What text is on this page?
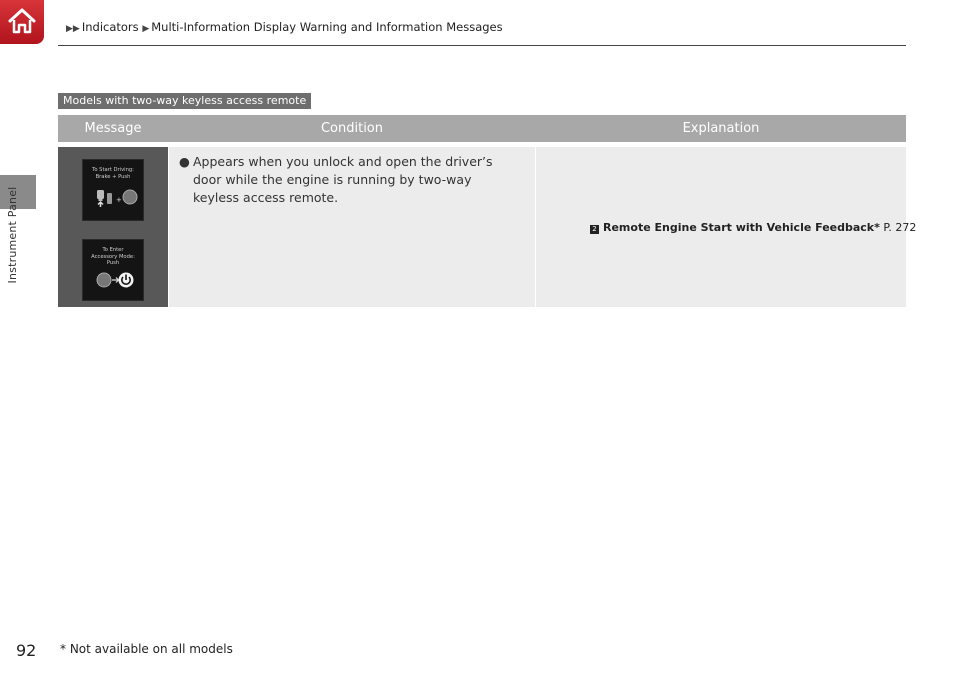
Instrument Panel
▶▶ Indicators ▶ Multi-Information Display Warning and Information Messages
Models with two-way keyless access remote
Message	Condition	Explanation
To Start Driving:
Brake + Push
+
To Enter
Accessory Mode:
Push
● Appears when you unlock and open the driver’s door while the engine is running by two-way keyless access remote.
2 Remote Engine Start with Vehicle Feedback* P. 272
92 * Not available on all models
